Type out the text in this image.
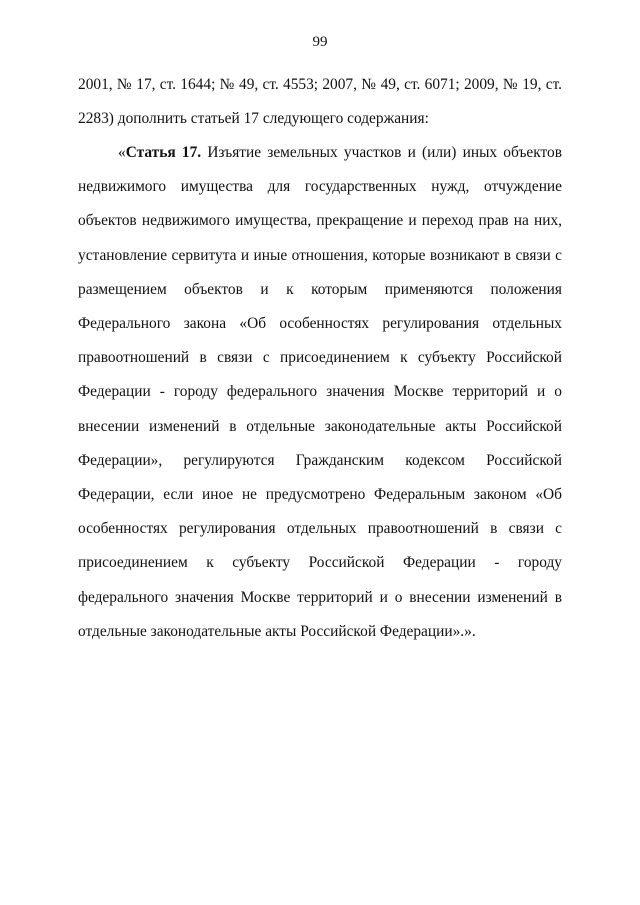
99

2001, № 17, ст. 1644; № 49, ст. 4553; 2007, № 49, ст. 6071; 2009, № 19, ст. 2283) дополнить статьей 17 следующего содержания:

«Статья 17. Изъятие земельных участков и (или) иных объектов недвижимого имущества для государственных нужд, отчуждение объектов недвижимого имущества, прекращение и переход прав на них, установление сервитута и иные отношения, которые возникают в связи с размещением объектов и к которым применяются положения Федерального закона «Об особенностях регулирования отдельных правоотношений в связи с присоединением к субъекту Российской Федерации - городу федерального значения Москве территорий и о внесении изменений в отдельные законодательные акты Российской Федерации», регулируются Гражданским кодексом Российской Федерации, если иное не предусмотрено Федеральным законом «Об особенностях регулирования отдельных правоотношений в связи с присоединением к субъекту Российской Федерации - городу федерального значения Москве территорий и о внесении изменений в отдельные законодательные акты Российской Федерации».».
